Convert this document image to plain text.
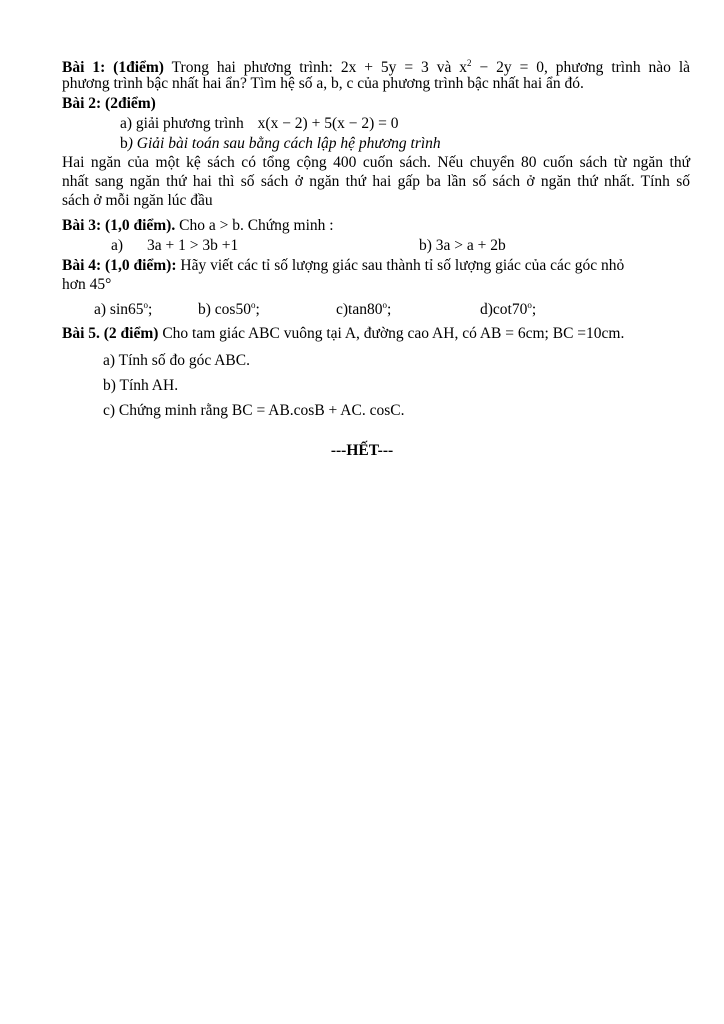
Bài 1: (1điểm) Trong hai phương trình: 2x + 5y = 3 và $x^2 - 2y = 0$, phương trình nào là
phương trình bậc nhất hai ẩn? Tìm hệ số a, b, c của phương trình bậc nhất hai ẩn đó.
Bài 2: (2điểm)
a) giải phương trình x(x − 2) + 5(x − 2) = 0
b) Giải bài toán sau bằng cách lập hệ phương trình
Hai ngăn của một kệ sách có tổng cộng 400 cuốn sách. Nếu chuyển 80 cuốn sách từ ngăn thứ
nhất sang ngăn thứ hai thì số sách ở ngăn thứ hai gấp ba lần số sách ở ngăn thứ nhất. Tính số
sách ở mỗi ngăn lúc đầu
Bài 3: (1,0 điểm). Cho a > b. Chứng minh :
a) 3a + 1 > 3b +1	b) 3a > a + 2b
Bài 4: (1,0 điểm): Hãy viết các tỉ số lượng giác sau thành tỉ số lượng giác của các góc nhỏ
hơn 45°
a) sin65$^o$;	b) cos50$^o$;	c)tan80$^o$;	d)cot70$^o$;
Bài 5. (2 điểm) Cho tam giác ABC vuông tại A, đường cao AH, có AB = 6cm; BC =10cm.
a) Tính số đo góc ABC.
b) Tính AH.
c) Chứng minh rằng BC = AB.cosB + AC. cosC.
---HẾT---
